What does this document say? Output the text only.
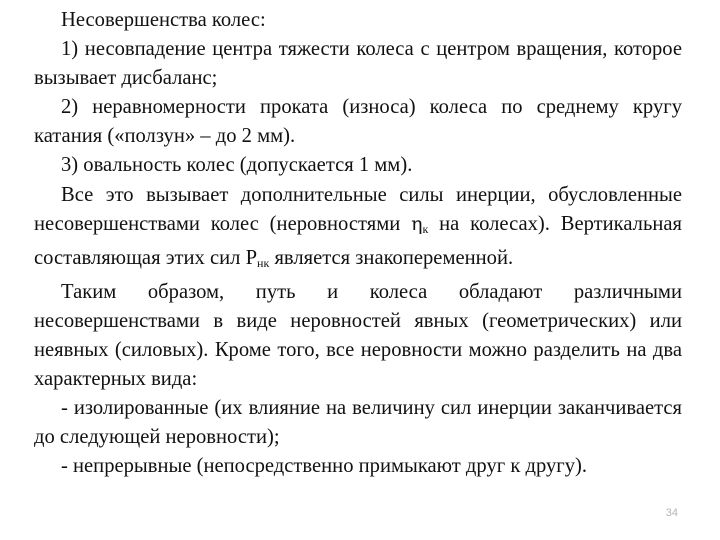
Несовершенства колес:

1) несовпадение центра тяжести колеса с центром вращения, которое вызывает дисбаланс;

2) неравномерности проката (износа) колеса по среднему кругу катания («ползун» – до 2 мм).

3) овальность колес (допускается 1 мм).

Все это вызывает дополнительные силы инерции, обусловленные несовершенствами колес (неровностями $\eta_к$ на колесах). Вертикальная составляющая этих сил $P_{нк}$ является знакопеременной.

Таким образом, путь и колеса обладают различными несовершенствами в виде неровностей явных (геометрических) или неявных (силовых). Кроме того, все неровности можно разделить на два характерных вида:

- изолированные (их влияние на величину сил инерции заканчивается до следующей неровности);

- непрерывные (непосредственно примыкают друг к другу).

34
